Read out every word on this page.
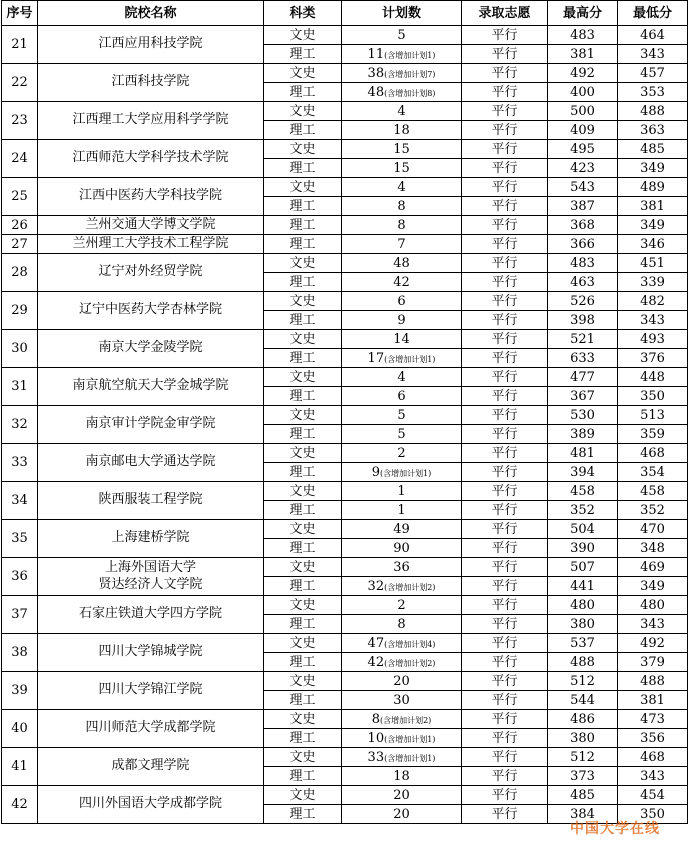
序号	院校名称	科类	计划数	录取志愿	最高分	最低分
21	江西应用科技学院	文史	5	平行	483	464
		理工	11(含增加计划1)	平行	381	343
22	江西科技学院	文史	38(含增加计划7)	平行	492	457
		理工	48(含增加计划8)	平行	400	353
23	江西理工大学应用科学学院	文史	4	平行	500	488
		理工	18	平行	409	363
24	江西师范大学科学技术学院	文史	15	平行	495	485
		理工	15	平行	423	349
25	江西中医药大学科技学院	文史	4	平行	543	489
		理工	8	平行	387	381
26	兰州交通大学博文学院	理工	8	平行	368	349
27	兰州理工大学技术工程学院	理工	7	平行	366	346
28	辽宁对外经贸学院	文史	48	平行	483	451
		理工	42	平行	463	339
29	辽宁中医药大学杏林学院	文史	6	平行	526	482
		理工	9	平行	398	343
30	南京大学金陵学院	文史	14	平行	521	493
		理工	17(含增加计划1)	平行	633	376
31	南京航空航天大学金城学院	文史	4	平行	477	448
		理工	6	平行	367	350
32	南京审计学院金审学院	文史	5	平行	530	513
		理工	5	平行	389	359
33	南京邮电大学通达学院	文史	2	平行	481	468
		理工	9(含增加计划1)	平行	394	354
34	陕西服装工程学院	文史	1	平行	458	458
		理工	1	平行	352	352
35	上海建桥学院	文史	49	平行	504	470
		理工	90	平行	390	348
36	上海外国语大学
贤达经济人文学院	文史	36	平行	507	469
		理工	32(含增加计划2)	平行	441	349
37	石家庄铁道大学四方学院	文史	2	平行	480	480
		理工	8	平行	380	343
38	四川大学锦城学院	文史	47(含增加计划4)	平行	537	492
		理工	42(含增加计划2)	平行	488	379
39	四川大学锦江学院	文史	20	平行	512	488
		理工	30	平行	544	381
40	四川师范大学成都学院	文史	8(含增加计划2)	平行	486	473
		理工	10(含增加计划1)	平行	380	356
41	成都文理学院	文史	33(含增加计划1)	平行	512	468
		理工	18	平行	373	343
42	四川外国语大学成都学院	文史	20	平行	485	454
		理工	20	平行	384	350
中国大学在线
